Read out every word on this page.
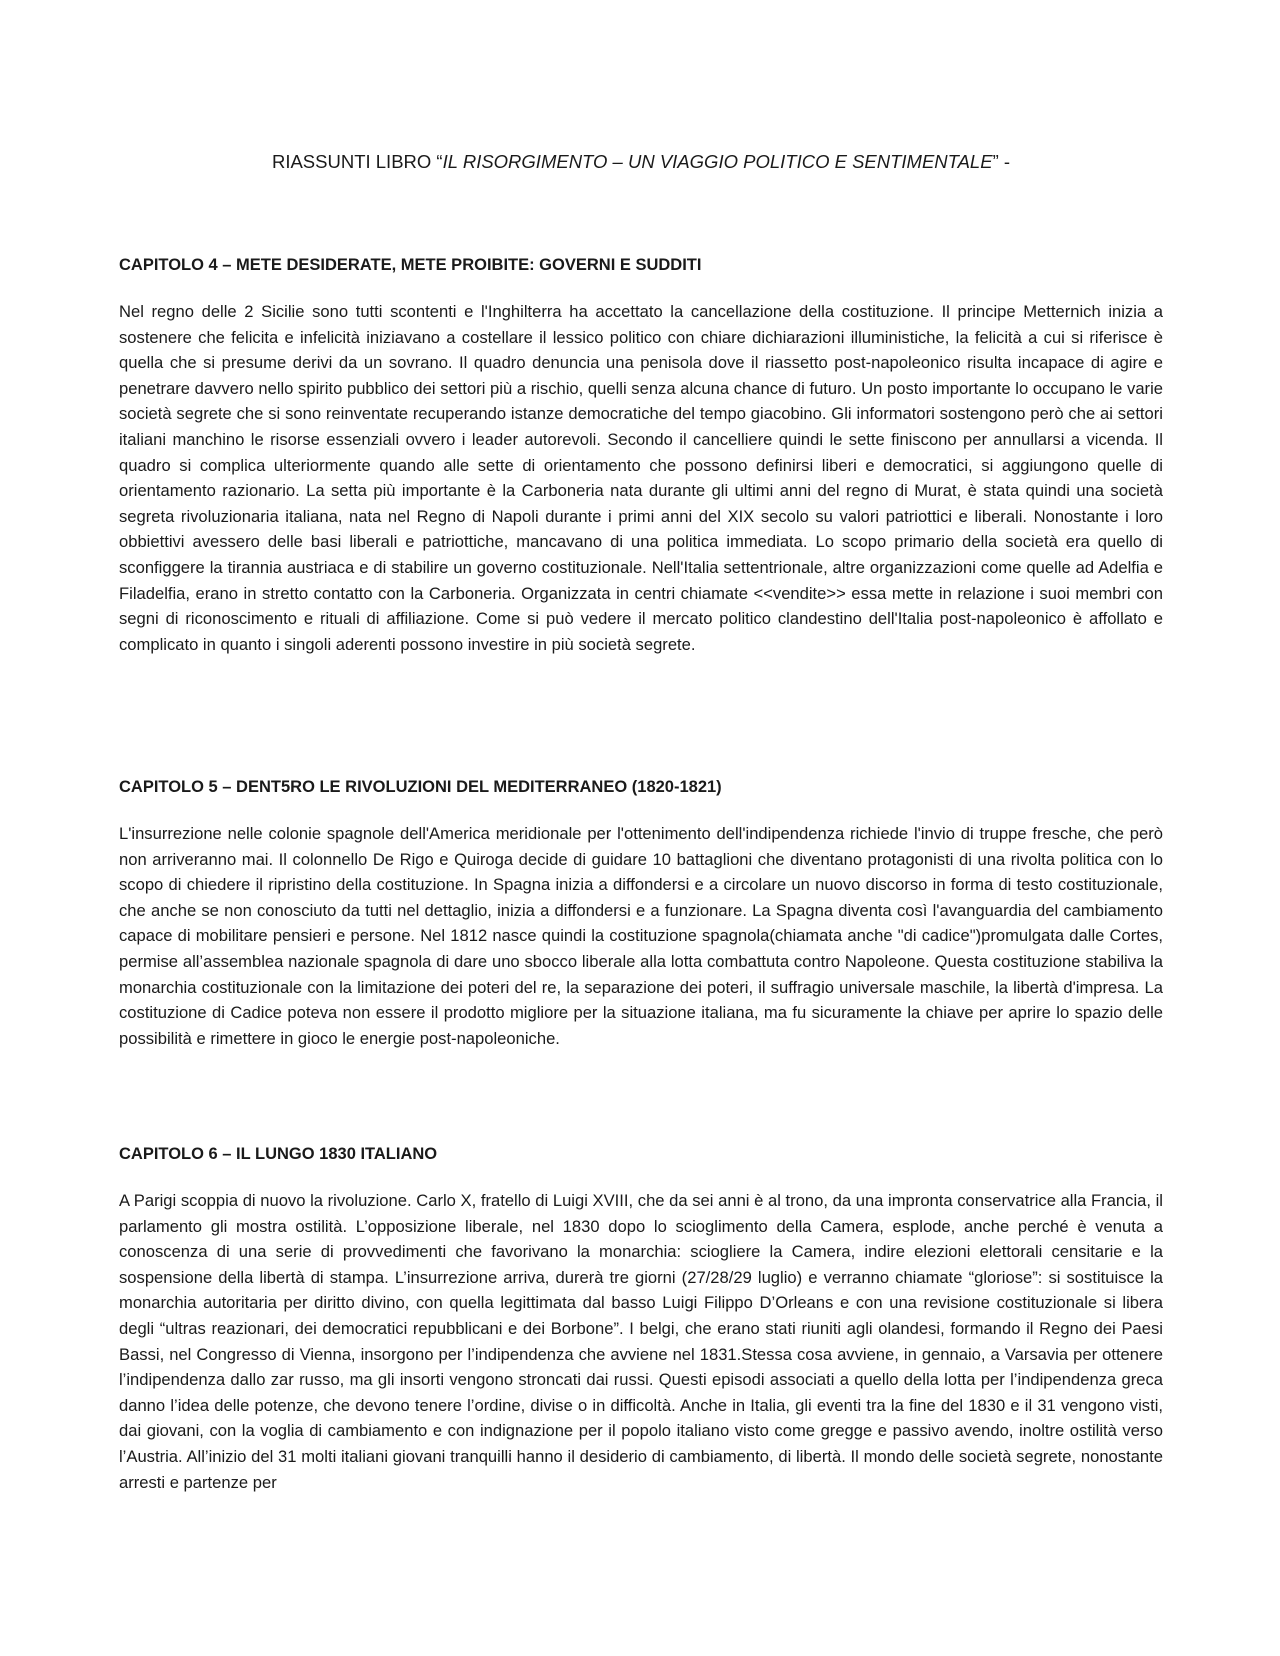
RIASSUNTI LIBRO “IL RISORGIMENTO – UN VIAGGIO POLITICO E SENTIMENTALE” -
CAPITOLO 4 – METE DESIDERATE, METE PROIBITE: GOVERNI E SUDDITI

Nel regno delle 2 Sicilie sono tutti scontenti e l'Inghilterra ha accettato la cancellazione della costituzione. Il principe Metternich inizia a sostenere che felicita e infelicità iniziavano a costellare il lessico politico con chiare dichiarazioni illuministiche, la felicità a cui si riferisce è quella che si presume derivi da un sovrano. Il quadro denuncia una penisola dove il riassetto post-napoleonico risulta incapace di agire e penetrare davvero nello spirito pubblico dei settori più a rischio, quelli senza alcuna chance di futuro. Un posto importante lo occupano le varie società segrete che si sono reinventate recuperando istanze democratiche del tempo giacobino. Gli informatori sostengono però che ai settori italiani manchino le risorse essenziali ovvero i leader autorevoli. Secondo il cancelliere quindi le sette finiscono per annullarsi a vicenda. Il quadro si complica ulteriormente quando alle sette di orientamento che possono definirsi liberi e democratici, si aggiungono quelle di orientamento razionario. La setta più importante è la Carboneria nata durante gli ultimi anni del regno di Murat, è stata quindi una società segreta rivoluzionaria italiana, nata nel Regno di Napoli durante i primi anni del XIX secolo su valori patriottici e liberali. Nonostante i loro obbiettivi avessero delle basi liberali e patriottiche, mancavano di una politica immediata. Lo scopo primario della società era quello di sconfiggere la tirannia austriaca e di stabilire un governo costituzionale. Nell'Italia settentrionale, altre organizzazioni come quelle ad Adelfia e Filadelfia, erano in stretto contatto con la Carboneria. Organizzata in centri chiamate <<vendite>> essa mette in relazione i suoi membri con segni di riconoscimento e rituali di affiliazione. Come si può vedere il mercato politico clandestino dell'Italia post-napoleonico è affollato e complicato in quanto i singoli aderenti possono investire in più società segrete.

CAPITOLO 5 – DENT5RO LE RIVOLUZIONI DEL MEDITERRANEO (1820-1821)

L'insurrezione nelle colonie spagnole dell'America meridionale per l'ottenimento dell'indipendenza richiede l'invio di truppe fresche, che però non arriveranno mai. Il colonnello De Rigo e Quiroga decide di guidare 10 battaglioni che diventano protagonisti di una rivolta politica con lo scopo di chiedere il ripristino della costituzione. In Spagna inizia a diffondersi e a circolare un nuovo discorso in forma di testo costituzionale, che anche se non conosciuto da tutti nel dettaglio, inizia a diffondersi e a funzionare. La Spagna diventa così l'avanguardia del cambiamento capace di mobilitare pensieri e persone. Nel 1812 nasce quindi la costituzione spagnola(chiamata anche "di cadice")promulgata dalle Cortes, permise all’assemblea nazionale spagnola di dare uno sbocco liberale alla lotta combattuta contro Napoleone. Questa costituzione stabiliva la monarchia costituzionale con la limitazione dei poteri del re, la separazione dei poteri, il suffragio universale maschile, la libertà d'impresa. La costituzione di Cadice poteva non essere il prodotto migliore per la situazione italiana, ma fu sicuramente la chiave per aprire lo spazio delle possibilità e rimettere in gioco le energie post-napoleoniche.

CAPITOLO 6 – IL LUNGO 1830 ITALIANO

A Parigi scoppia di nuovo la rivoluzione. Carlo X, fratello di Luigi XVIII, che da sei anni è al trono, da una impronta conservatrice alla Francia, il parlamento gli mostra ostilità. L’opposizione liberale, nel 1830 dopo lo scioglimento della Camera, esplode, anche perché è venuta a conoscenza di una serie di provvedimenti che favorivano la monarchia: sciogliere la Camera, indire elezioni elettorali censitarie e la sospensione della libertà di stampa. L’insurrezione arriva, durerà tre giorni (27/28/29 luglio) e verranno chiamate “gloriose”: si sostituisce la monarchia autoritaria per diritto divino, con quella legittimata dal basso Luigi Filippo D’Orleans e con una revisione costituzionale si libera degli “ultras reazionari, dei democratici repubblicani e dei Borbone”. I belgi, che erano stati riuniti agli olandesi, formando il Regno dei Paesi Bassi, nel Congresso di Vienna, insorgono per l’indipendenza che avviene nel 1831.Stessa cosa avviene, in gennaio, a Varsavia per ottenere l’indipendenza dallo zar russo, ma gli insorti vengono stroncati dai russi. Questi episodi associati a quello della lotta per l’indipendenza greca danno l’idea delle potenze, che devono tenere l’ordine, divise o in difficoltà. Anche in Italia, gli eventi tra la fine del 1830 e il 31 vengono visti, dai giovani, con la voglia di cambiamento e con indignazione per il popolo italiano visto come gregge e passivo avendo, inoltre ostilità verso l’Austria. All’inizio del 31 molti italiani giovani tranquilli hanno il desiderio di cambiamento, di libertà. Il mondo delle società segrete, nonostante arresti e partenze per
